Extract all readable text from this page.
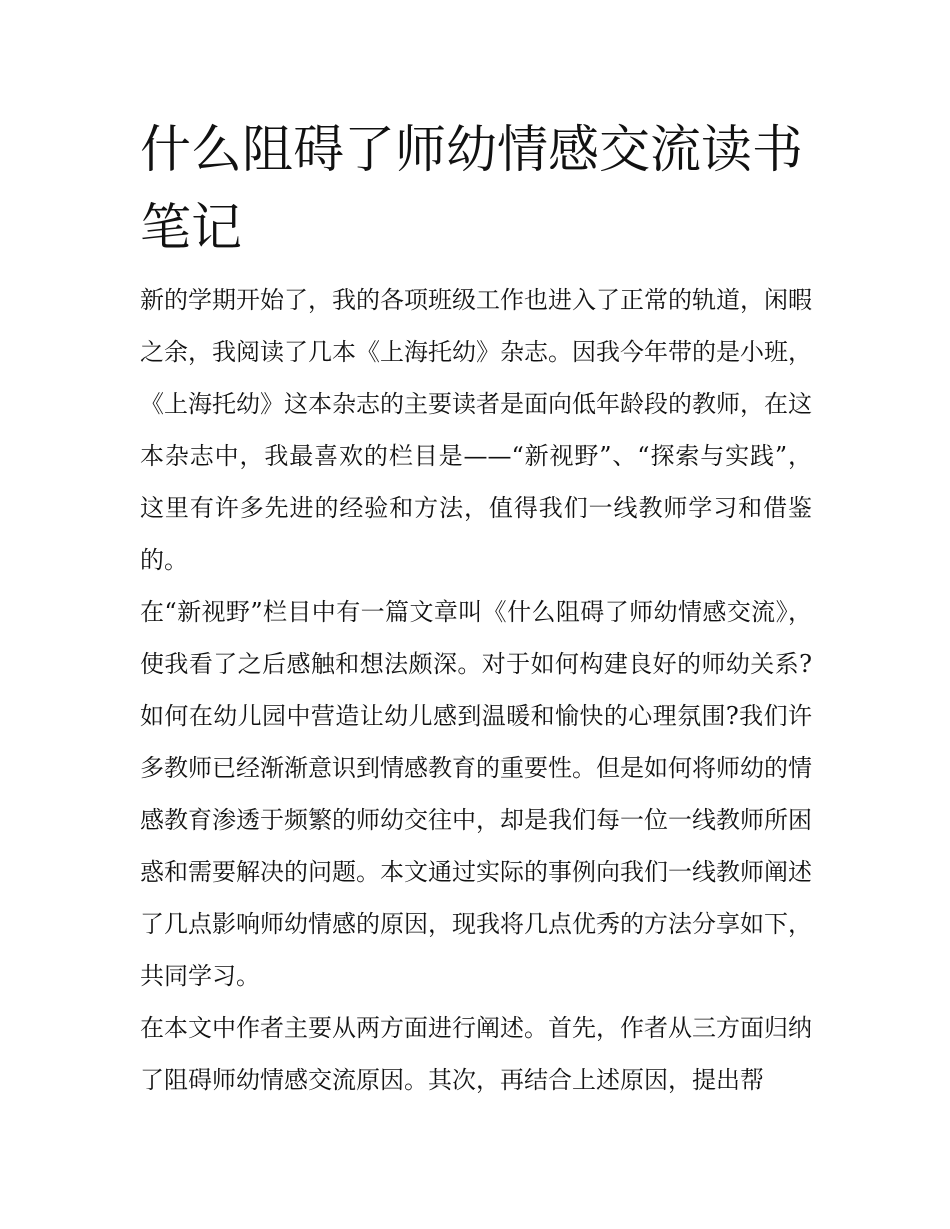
什么阻碍了师幼情感交流读书笔记

新的学期开始了，我的各项班级工作也进入了正常的轨道，闲暇之余，我阅读了几本《上海托幼》杂志。因我今年带的是小班，《上海托幼》这本杂志的主要读者是面向低年龄段的教师，在这本杂志中，我最喜欢的栏目是——“新视野”、“探索与实践”，这里有许多先进的经验和方法，值得我们一线教师学习和借鉴的。

在“新视野”栏目中有一篇文章叫《什么阻碍了师幼情感交流》，使我看了之后感触和想法颇深。对于如何构建良好的师幼关系?如何在幼儿园中营造让幼儿感到温暖和愉快的心理氛围?我们许多教师已经渐渐意识到情感教育的重要性。但是如何将师幼的情感教育渗透于频繁的师幼交往中，却是我们每一位一线教师所困惑和需要解决的问题。本文通过实际的事例向我们一线教师阐述了几点影响师幼情感的原因，现我将几点优秀的方法分享如下，共同学习。

在本文中作者主要从两方面进行阐述。首先，作者从三方面归纳了阻碍师幼情感交流原因。其次，再结合上述原因，提出帮
